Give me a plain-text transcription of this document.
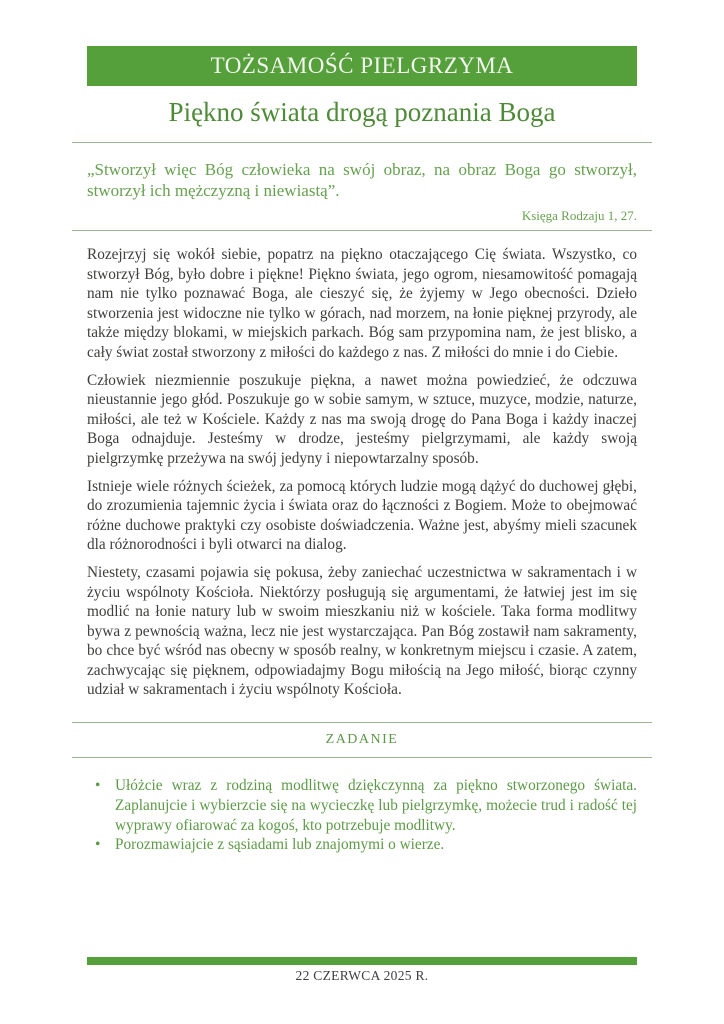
TOŻSAMOŚĆ PIELGRZYMA
Piękno świata drogą poznania Boga

„Stworzył więc Bóg człowieka na swój obraz, na obraz Boga go stworzył, stworzył ich mężczyzną i niewiastą”.

Księga Rodzaju 1, 27.

Rozejrzyj się wokół siebie, popatrz na piękno otaczającego Cię świata. Wszystko, co stworzył Bóg, było dobre i piękne! Piękno świata, jego ogrom, niesamowitość pomagają nam nie tylko poznawać Boga, ale cieszyć się, że żyjemy w Jego obecności. Dzieło stworzenia jest widoczne nie tylko w górach, nad morzem, na łonie pięknej przyrody, ale także między blokami, w miejskich parkach. Bóg sam przypomina nam, że jest blisko, a cały świat został stworzony z miłości do każdego z nas. Z miłości do mnie i do Ciebie.

Człowiek niezmiennie poszukuje piękna, a nawet można powiedzieć, że odczuwa nieustannie jego głód. Poszukuje go w sobie samym, w sztuce, muzyce, modzie, naturze, miłości, ale też w Kościele. Każdy z nas ma swoją drogę do Pana Boga i każdy inaczej Boga odnajduje. Jesteśmy w drodze, jesteśmy pielgrzymami, ale każdy swoją pielgrzymkę przeżywa na swój jedyny i niepowtarzalny sposób.

Istnieje wiele różnych ścieżek, za pomocą których ludzie mogą dążyć do duchowej głębi, do zrozumienia tajemnic życia i świata oraz do łączności z Bogiem. Może to obejmować różne duchowe praktyki czy osobiste doświadczenia. Ważne jest, abyśmy mieli szacunek dla różnorodności i byli otwarci na dialog.

Niestety, czasami pojawia się pokusa, żeby zaniechać uczestnictwa w sakramentach i w życiu wspólnoty Kościoła. Niektórzy posługują się argumentami, że łatwiej jest im się modlić na łonie natury lub w swoim mieszkaniu niż w kościele. Taka forma modlitwy bywa z pewnością ważna, lecz nie jest wystarczająca. Pan Bóg zostawił nam sakramenty, bo chce być wśród nas obecny w sposób realny, w konkretnym miejscu i czasie. A zatem, zachwycając się pięknem, odpowiadajmy Bogu miłością na Jego miłość, biorąc czynny udział w sakramentach i życiu wspólnoty Kościoła.

ZADANIE
•
Ułóżcie wraz z rodziną modlitwę dziękczynną za piękno stworzonego świata. Zaplanujcie i wybierzcie się na wycieczkę lub pielgrzymkę, możecie trud i radość tej wyprawy ofiarować za kogoś, kto potrzebuje modlitwy.
•
Porozmawiajcie z sąsiadami lub znajomymi o wierze.
22 CZERWCA 2025 R.
